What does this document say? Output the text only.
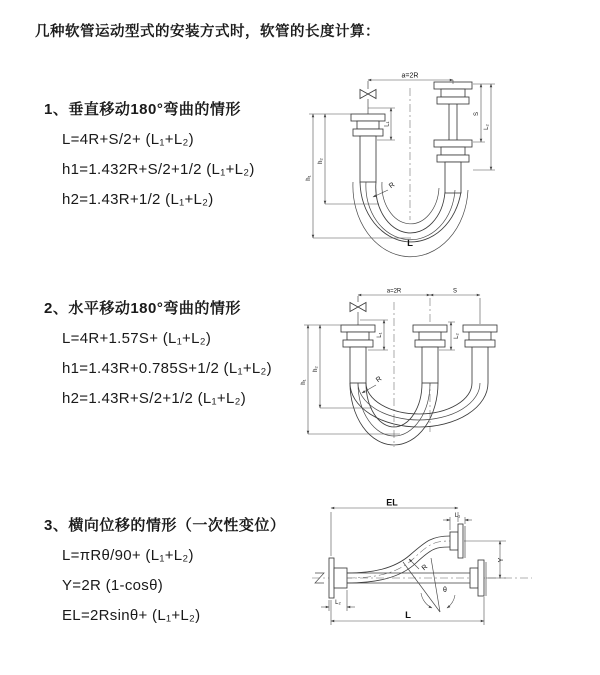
几种软管运动型式的安装方式时，软管的长度计算：
1、垂直移动180°弯曲的情形
L=4R+S/2+ (L₁+L₂)
h1=1.432R+S/2+1/2 (L₁+L₂)
h2=1.43R+1/2 (L₁+L₂)
a=2R
h₁
h₂
S
L₂
L₁
R
L
2、水平移动180°弯曲的情形
L=4R+1.57S+ (L₁+L₂)
h1=1.43R+0.785S+1/2 (L₁+L₂)
h2=1.43R+S/2+1/2 (L₁+L₂)
a=2R	S
h₁
h₂
L₁	L₂
R
3、横向位移的情形（一次性变位）
L=πRθ/90+ (L₁+L₂)
Y=2R (1-cosθ)
EL=2Rsinθ+ (L₁+L₂)
EL
L₁
Y
L
L₂
θ
R
